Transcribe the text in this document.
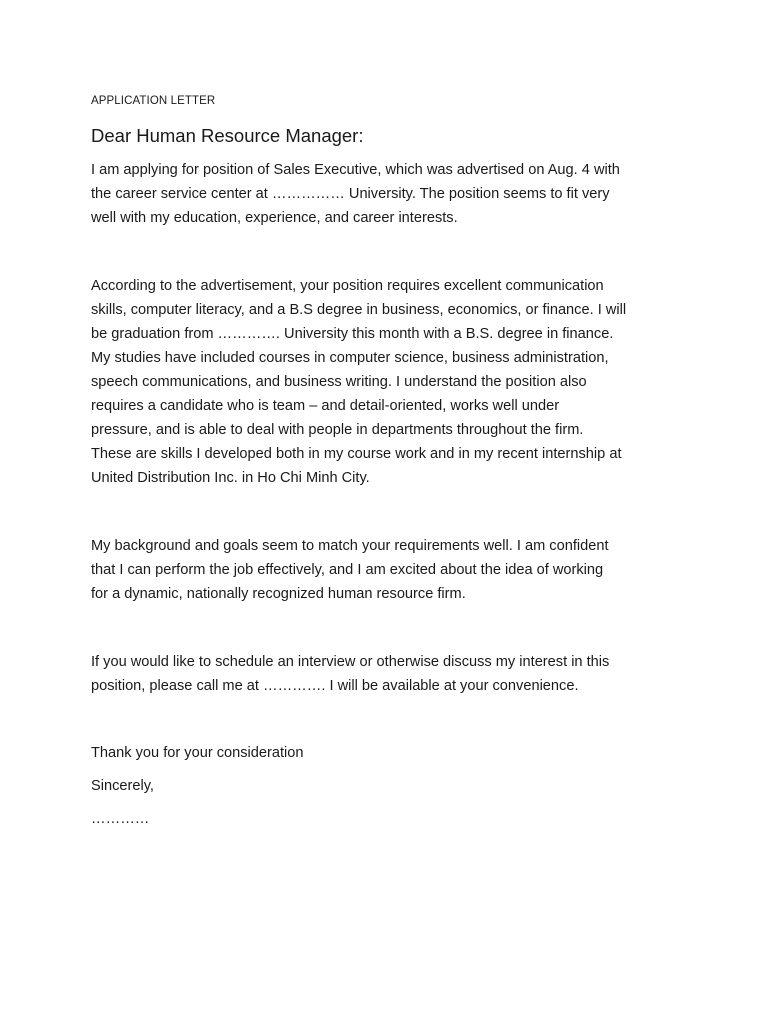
APPLICATION LETTER
Dear Human Resource Manager:
I am applying for position of Sales Executive, which was advertised on Aug. 4 with
the career service center at …………… University. The position seems to fit very
well with my education, experience, and career interests.
According to the advertisement, your position requires excellent communication
skills, computer literacy, and a B.S degree in business, economics, or finance. I will
be graduation from …………. University this month with a B.S. degree in finance.
My studies have included courses in computer science, business administration,
speech communications, and business writing. I understand the position also
requires a candidate who is team – and detail-oriented, works well under
pressure, and is able to deal with people in departments throughout the firm.
These are skills I developed both in my course work and in my recent internship at
United Distribution Inc. in Ho Chi Minh City.
My background and goals seem to match your requirements well. I am confident
that I can perform the job effectively, and I am excited about the idea of working
for a dynamic, nationally recognized human resource firm.
If you would like to schedule an interview or otherwise discuss my interest in this
position, please call me at …………. I will be available at your convenience.
Thank you for your consideration
Sincerely,
…………
